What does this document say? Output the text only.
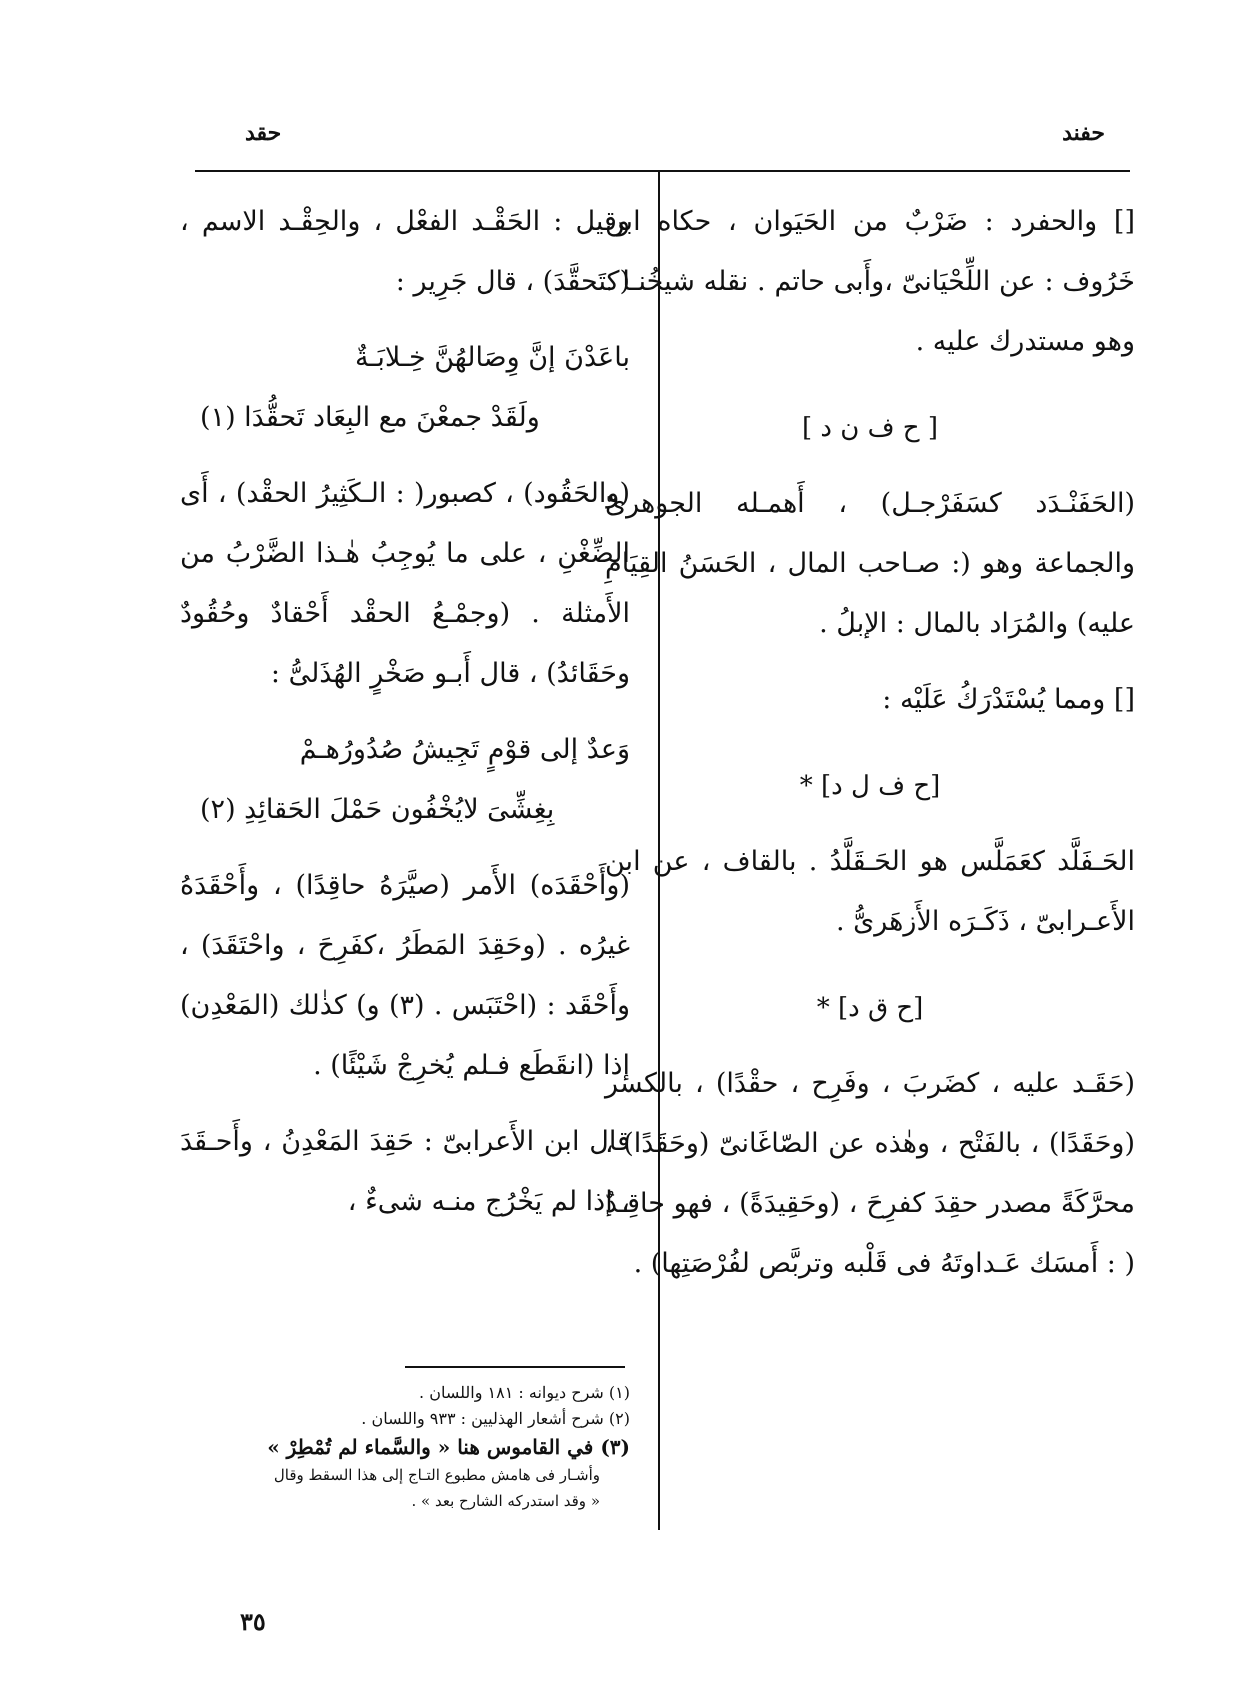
حفند
حقد

[] والحفرد : ضَرْبٌ من الحَيَوان ، حكاه ابن خَرُوف : عن اللِّحْيَانىّ ،وأَبى حاتم . نقله شيخُنـا . وهو مستدرك عليه .

[ ح ف ن د ]

(الحَفَنْـدَد كسَفَرْجـل) ، أَهمـله الجوهرىّ والجماعة وهو (: صـاحب المال ، الحَسَنُ القِيَامِ عليه) والمُرَاد بالمال : الإبلُ .

[] ومما يُسْتَدْرَكُ عَلَيْه :

[ح ف ل د] *

الحَـفَلَّد كعَمَلَّس هو الحَـقَلَّدُ . بالقاف ، عن ابن الأَعـرابىّ ، ذَكَـرَه الأَزهَرىُّ .

[ح ق د] *

(حَقَـد عليه ، كضَربَ ، وفَرِح ، حقْدًا) ، بالكسر (وحَقَدًا) ، بالفَتْح ، وهٰذه عن الصّاغَانىّ (وحَقَدًا) ، محرَّكَةً مصدر حقِدَ كفرِحَ ، (وحَقِيدَةً) ، فهو حاقِـدٌ ( : أَمسَك عَـداوتَهُ فى قَلْبه وتربَّص لفُرْصَتِها) .

وقيل : الحَقْـد الفعْل ، والحِقْـد الاسم ، (كتَحقَّدَ) ، قال جَرِير :

باعَدْنَ إنَّ وِصَالهُنَّ خِـلابَـةٌ
ولَقَدْ جمعْنَ مع البِعَاد تَحقُّدَا (١)

(والحَقُود) ، كصبور( : الـكَثِيرُ الحقْد) ، أَى الضِّغْنِ ، على ما يُوجِبُ هٰـذا الضَّرْبُ من الأَمثلة . (وجمْـعُ الحقْد أَحْقادٌ وحُقُودٌ وحَقَائدُ) ، قال أَبـو صَخْرٍ الهُذَلىُّ :

وَعدٌ إلى قوْمٍ تَجِيشُ صُدُورُهـمْ
بِغِشِّىَ لايُخْفُون حَمْلَ الحَقائِدِ (٢)

(وأَحْقَدَه) الأَمر (صيَّرَهُ حاقِدًا) ، وأَحْقَدَهُ غيرُه . (وحَقِدَ المَطَرُ ،كفَرِحَ ، واحْتَقَدَ) ، وأَحْقَد : (احْتَبَس . (٣) و) كذٰلك (المَعْدِن) إذا (انقَطَع فـلم يُخرِجْ شَيْئًا) .

قال ابن الأَعرابىّ : حَقِدَ المَعْدِنُ ، وأَحـقَدَ ، إذا لم يَخْرُج منـه شىءٌ ،

(١) شرح ديوانه : ١٨١ واللسان .
(٢) شرح أشعار الهذليين : ٩٣٣ واللسان .
(٣) في القاموس هنا « والسَّماء لم تُمْطِرْ »
وأشـار فى هامش مطبوع التـاج إلى هذا السقط وقال
« وقد استدركه الشارح بعد » .
٣٥
